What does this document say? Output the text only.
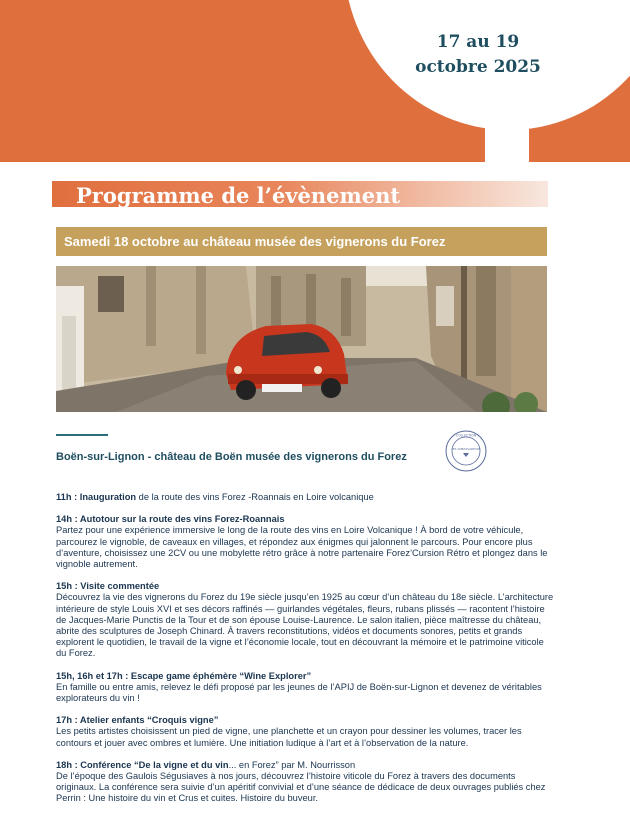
17 au 19
octobre 2025
Programme de l’évènement
Samedi 18 octobre au château musée des vignerons du Forez
Boën-sur-Lignon - château de Boën musée des vignerons du Forez
COLLECTION
LES AMBASSADEURS

11h : Inauguration de la route des vins Forez -Roannais en Loire volcanique

14h : Autotour sur la route des vins Forez-Roannais

Partez pour une expérience immersive le long de la route des vins en Loire Volcanique ! À bord de votre véhicule, parcourez le vignoble, de caveaux en villages, et répondez aux énigmes qui jalonnent le parcours. Pour encore plus d’aventure, choisissez une 2CV ou une mobylette rétro grâce à notre partenaire Forez’Cursion Rétro et plongez dans le vignoble autrement.

15h : Visite commentée

Découvrez la vie des vignerons du Forez du 19e siècle jusqu’en 1925 au cœur d’un château du 18e siècle. L’architecture intérieure de style Louis XVI et ses décors raffinés — guirlandes végétales, fleurs, rubans plissés — racontent l’histoire de Jacques-Marie Punctis de la Tour et de son épouse Louise-Laurence. Le salon italien, pièce maîtresse du château, abrite des sculptures de Joseph Chinard. À travers reconstitutions, vidéos et documents sonores, petits et grands explorent le quotidien, le travail de la vigne et l’économie locale, tout en découvrant la mémoire et le patrimoine viticole du Forez.

15h, 16h et 17h : Escape game éphémère “Wine Explorer”

En famille ou entre amis, relevez le défi proposé par les jeunes de l’APIJ de Boën-sur-Lignon et devenez de véritables explorateurs du vin !

17h : Atelier enfants “Croquis vigne”

Les petits artistes choisissent un pied de vigne, une planchette et un crayon pour dessiner les volumes, tracer les contours et jouer avec ombres et lumière. Une initiation ludique à l’art et à l’observation de la nature.

18h : Conférence “De la vigne et du vin... en Forez” par M. Nourrisson

De l’époque des Gaulois Ségusiaves à nos jours, découvrez l’histoire viticole du Forez à travers des documents originaux. La conférence sera suivie d’un apéritif convivial et d’une séance de dédicace de deux ouvrages publiés chez Perrin : Une histoire du vin et Crus et cuites. Histoire du buveur.
